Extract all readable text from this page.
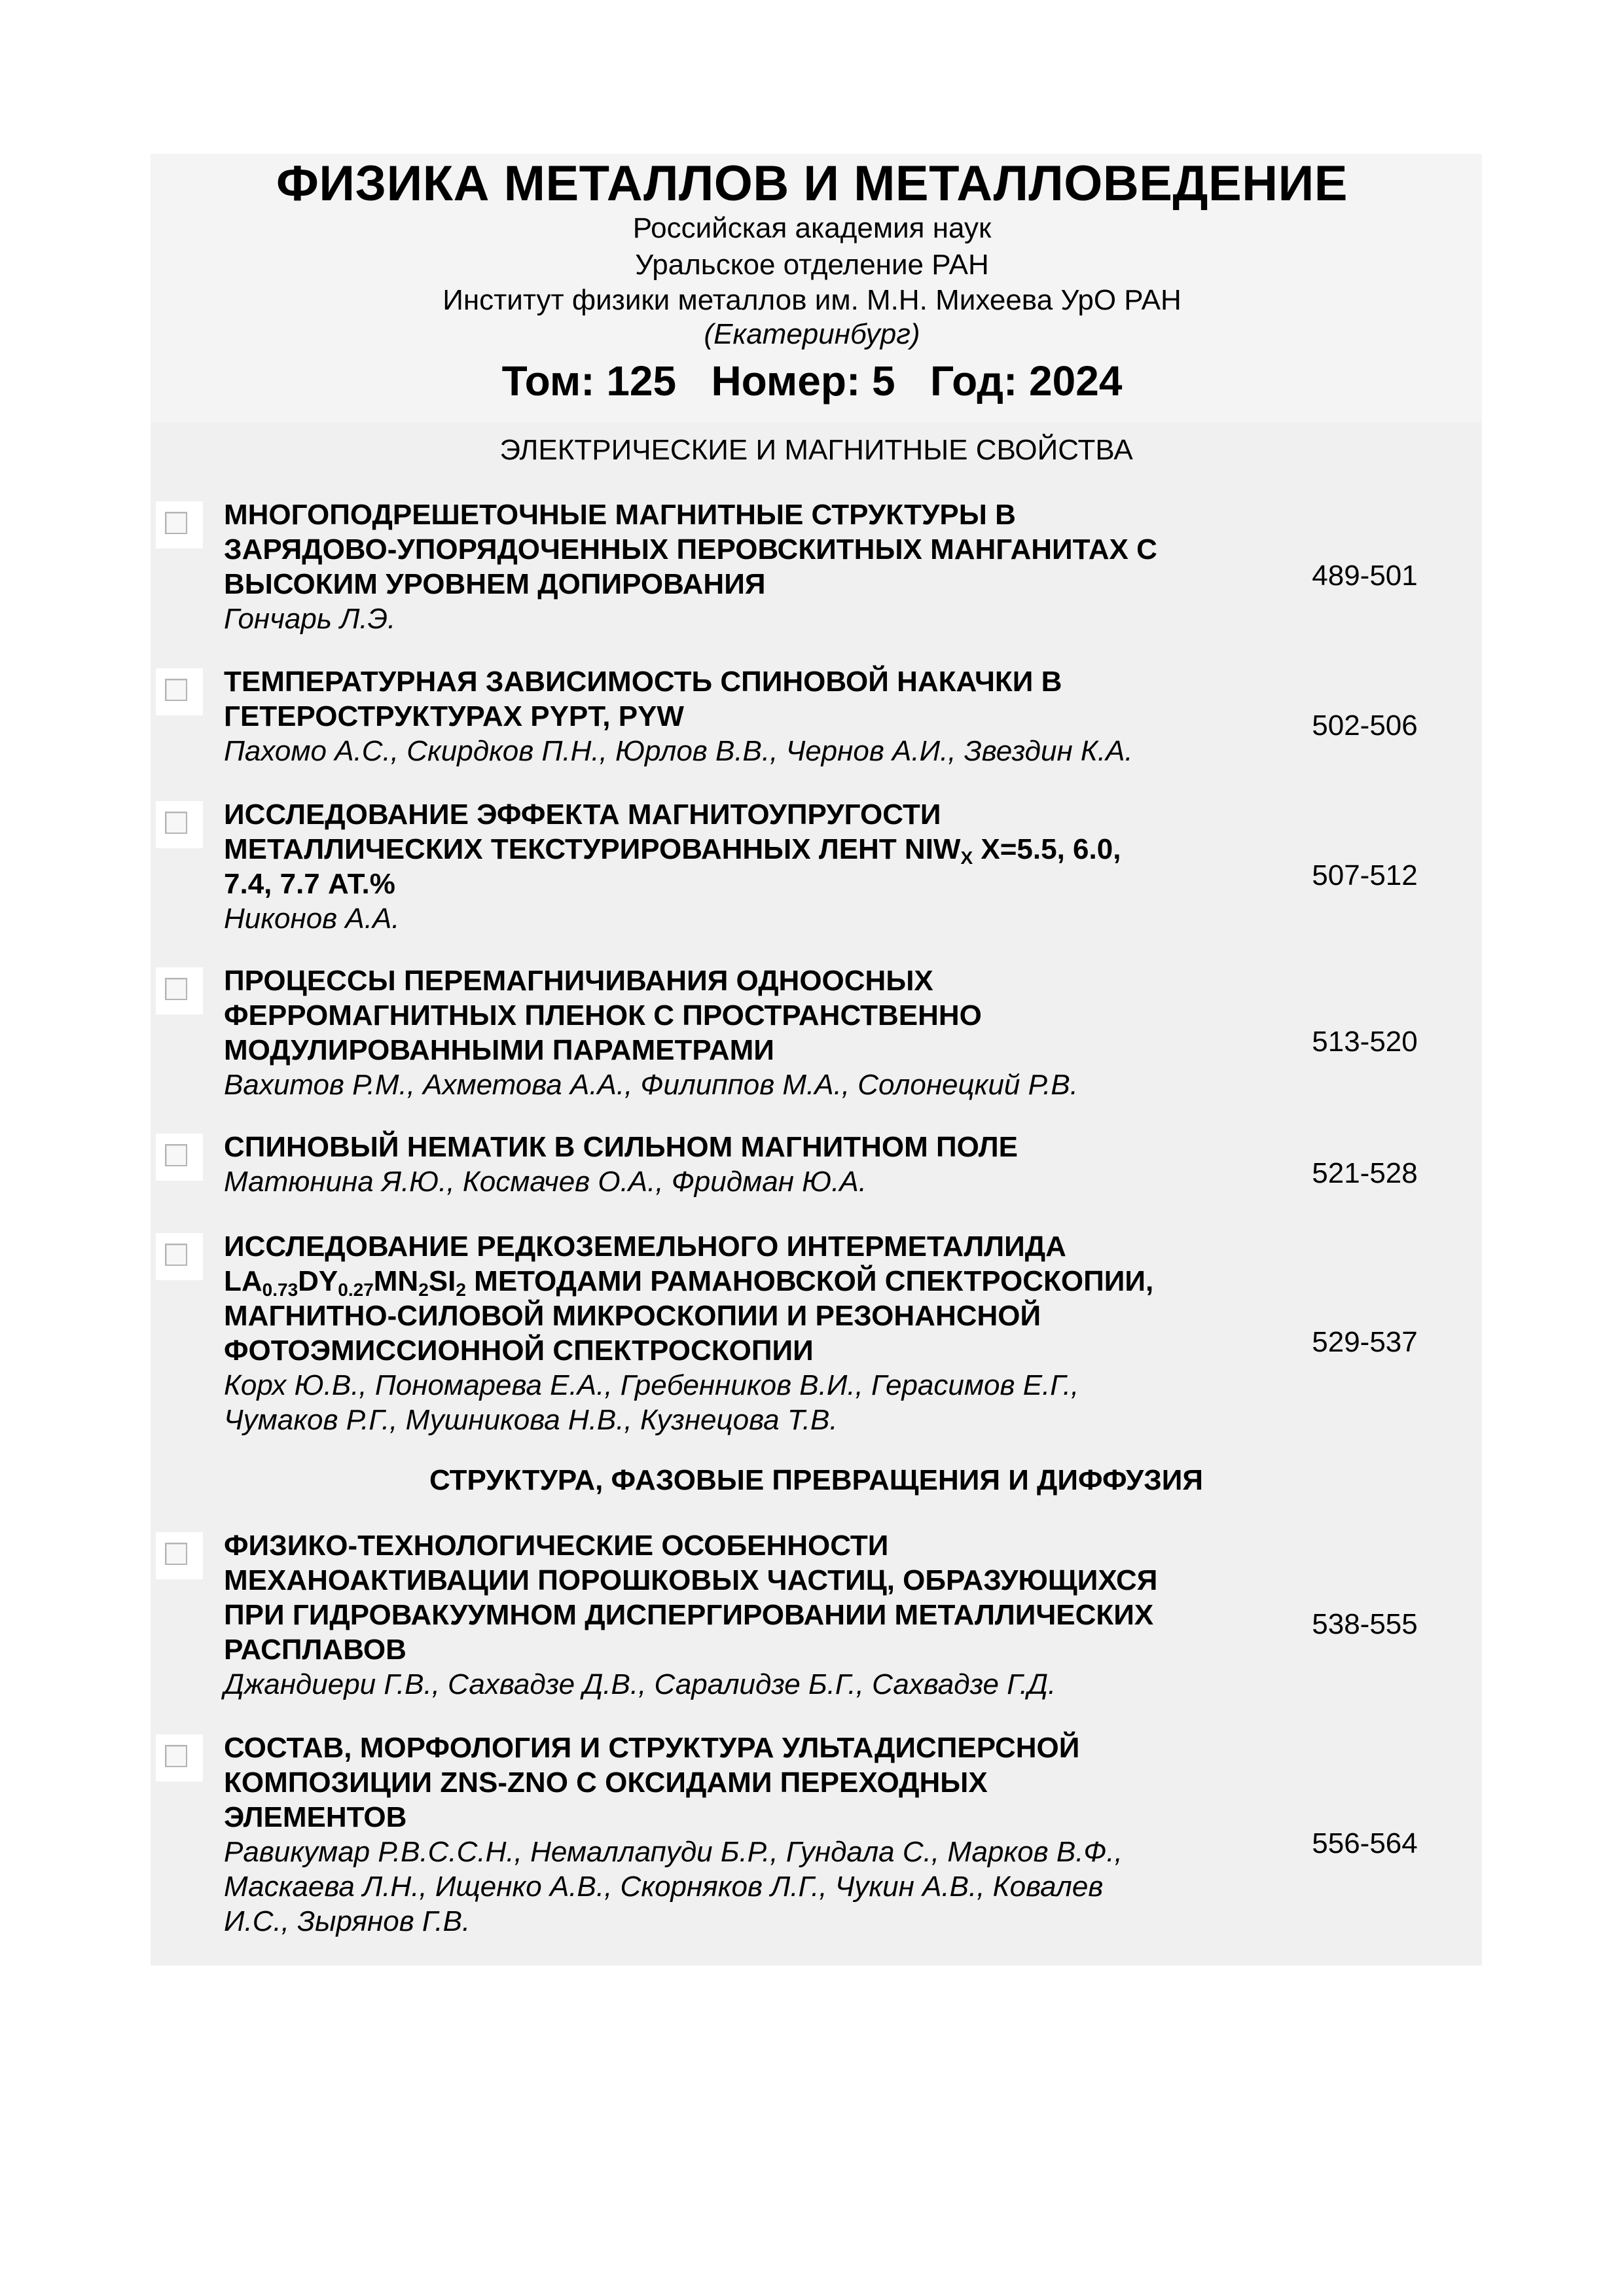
ФИЗИКА МЕТАЛЛОВ И МЕТАЛЛОВЕДЕНИЕ
Российская академия наук
Уральское отделение РАН
Институт физики металлов им. М.Н. Михеева УрО РАН
(Екатеринбург)
Том: 125   Номер: 5   Год: 2024
ЭЛЕКТРИЧЕСКИЕ И МАГНИТНЫЕ СВОЙСТВА
МНОГОПОДРЕШЕТОЧНЫЕ МАГНИТНЫЕ СТРУКТУРЫ В
ЗАРЯДОВО-УПОРЯДОЧЕННЫХ ПЕРОВСКИТНЫХ МАНГАНИТАХ С
ВЫСОКИМ УРОВНЕМ ДОПИРОВАНИЯ
Гончарь Л.Э.
489-501
ТЕМПЕРАТУРНАЯ ЗАВИСИМОСТЬ СПИНОВОЙ НАКАЧКИ В
ГЕТЕРОСТРУКТУРАХ PYPT, PYW
Пахомо А.С., Скирдков П.Н., Юрлов В.В., Чернов А.И., Звездин К.А.
502-506
ИССЛЕДОВАНИЕ ЭФФЕКТА МАГНИТОУПРУГОСТИ
МЕТАЛЛИЧЕСКИХ ТЕКСТУРИРОВАННЫХ ЛЕНТ $NIW_X$ X=5.5, 6.0,
7.4, 7.7 АТ.%
Никонов А.А.
507-512
ПРОЦЕССЫ ПЕРЕМАГНИЧИВАНИЯ ОДНООСНЫХ
ФЕРРОМАГНИТНЫХ ПЛЕНОК С ПРОСТРАНСТВЕННО
МОДУЛИРОВАННЫМИ ПАРАМЕТРАМИ
Вахитов Р.М., Ахметова А.А., Филиппов М.А., Солонецкий Р.В.
513-520
СПИНОВЫЙ НЕМАТИК В СИЛЬНОМ МАГНИТНОМ ПОЛЕ
Матюнина Я.Ю., Космачев О.А., Фридман Ю.А.	521-528
ИССЛЕДОВАНИЕ РЕДКОЗЕМЕЛЬНОГО ИНТЕРМЕТАЛЛИДА
$LA_{0.73}DY_{0.27}MN_2SI_2$ МЕТОДАМИ РАМАНОВСКОЙ СПЕКТРОСКОПИИ,
МАГНИТНО-СИЛОВОЙ МИКРОСКОПИИ И РЕЗОНАНСНОЙ
ФОТОЭМИССИОННОЙ СПЕКТРОСКОПИИ
Корх Ю.В., Пономарева Е.А., Гребенников В.И., Герасимов Е.Г.,
Чумаков Р.Г., Мушникова Н.В., Кузнецова Т.В.
529-537
СТРУКТУРА, ФАЗОВЫЕ ПРЕВРАЩЕНИЯ И ДИФФУЗИЯ
ФИЗИКО-ТЕХНОЛОГИЧЕСКИЕ ОСОБЕННОСТИ
МЕХАНОАКТИВАЦИИ ПОРОШКОВЫХ ЧАСТИЦ, ОБРАЗУЮЩИХСЯ
ПРИ ГИДРОВАКУУМНОМ ДИСПЕРГИРОВАНИИ МЕТАЛЛИЧЕСКИХ
РАСПЛАВОВ
Джандиери Г.В., Сахвадзе Д.В., Саралидзе Б.Г., Сахвадзе Г.Д.
538-555
СОСТАВ, МОРФОЛОГИЯ И СТРУКТУРА УЛЬТАДИСПЕРСНОЙ
КОМПОЗИЦИИ ZNS-ZNO С ОКСИДАМИ ПЕРЕХОДНЫХ
ЭЛЕМЕНТОВ
Равикумар Р.В.С.С.Н., Немаллапуди Б.Р., Гундала С., Марков В.Ф.,
Маскаева Л.Н., Ищенко А.В., Скорняков Л.Г., Чукин А.В., Ковалев
И.С., Зырянов Г.В.
556-564
